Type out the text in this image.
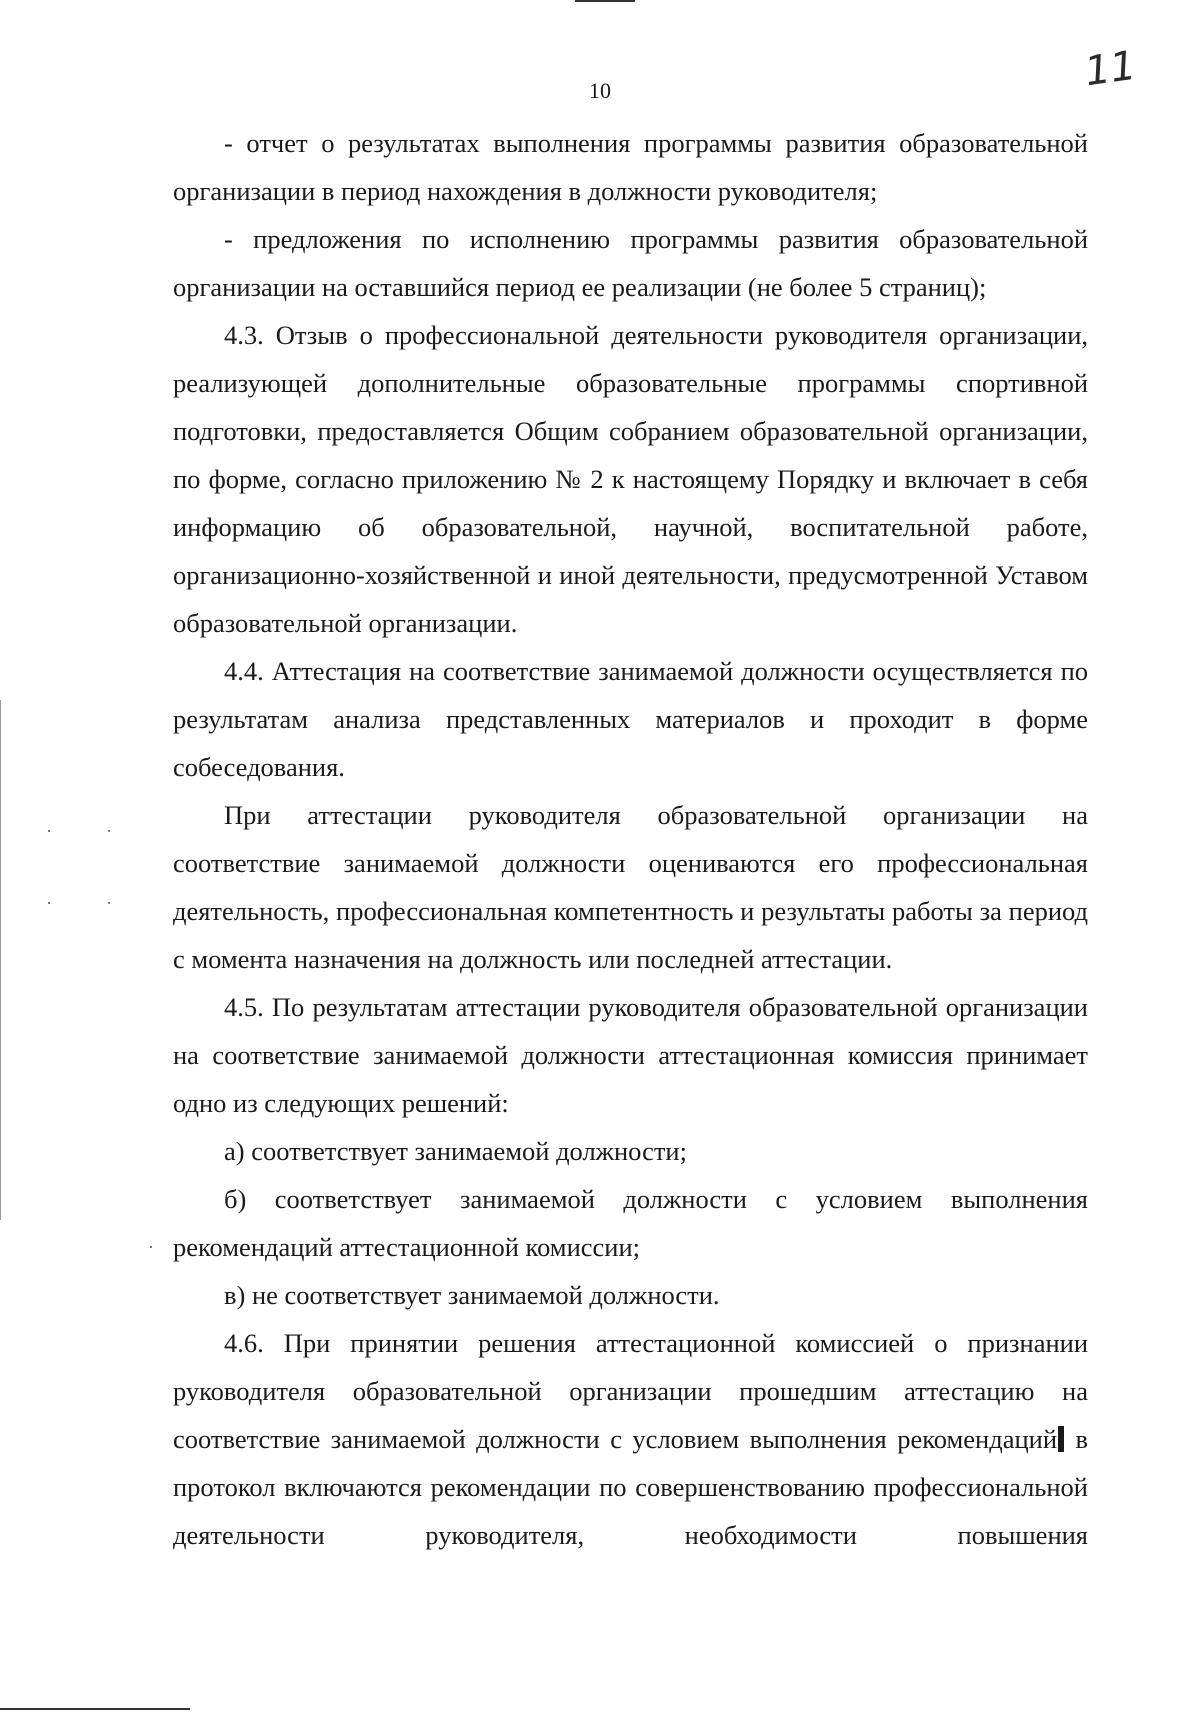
10	11

- отчет о результатах выполнения программы развития образовательной организации в период нахождения в должности руководителя;

- предложения по исполнению программы развития образовательной организации на оставшийся период ее реализации (не более 5 страниц);

4.3. Отзыв о профессиональной деятельности руководителя организации, реализующей дополнительные образовательные программы спортивной подготовки, предоставляется Общим собранием образовательной организации, по форме, согласно приложению № 2 к настоящему Порядку и включает в себя информацию об образовательной, научной, воспитательной работе, организационно-хозяйственной и иной деятельности, предусмотренной Уставом образовательной организации.

4.4. Аттестация на соответствие занимаемой должности осуществляется по результатам анализа представленных материалов и проходит в форме собеседования.

При аттестации руководителя образовательной организации на соответствие занимаемой должности оцениваются его профессиональная деятельность, профессиональная компетентность и результаты работы за период с момента назначения на должность или последней аттестации.

4.5. По результатам аттестации руководителя образовательной организации на соответствие занимаемой должности аттестационная комиссия принимает одно из следующих решений:

а) соответствует занимаемой должности;

б) соответствует занимаемой должности с условием выполнения рекомендаций аттестационной комиссии;

в) не соответствует занимаемой должности.

4.6. При принятии решения аттестационной комиссией о признании руководителя образовательной организации прошедшим аттестацию на соответствие занимаемой должности с условием выполнения рекомендаций в протокол включаются рекомендации по совершенствованию профессиональной деятельности руководителя, необходимости повышения
